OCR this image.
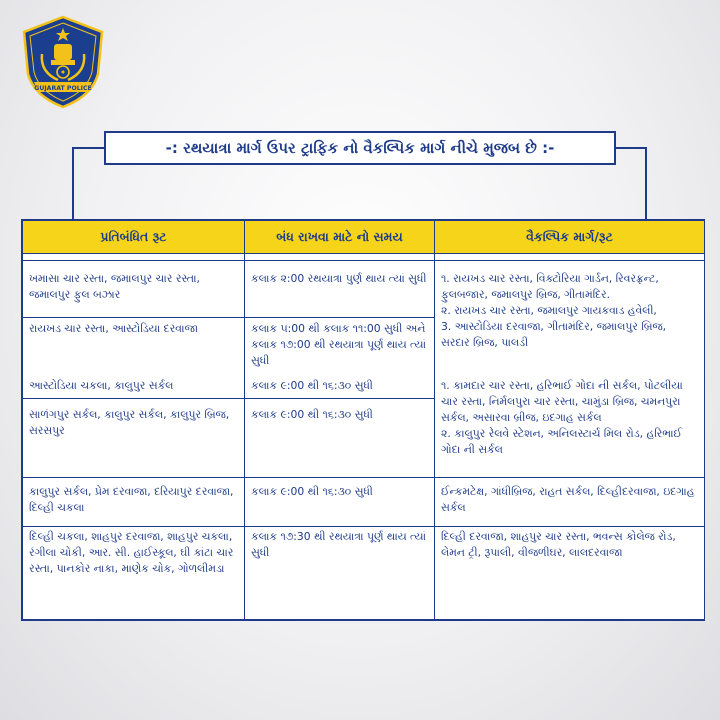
GUJARAT POLICE
-: રથયાત્રા માર્ગ ઉપર ટ્રાફિક નો વૈકલ્પિક માર્ગ નીચે મુજબ છે :-
પ્રતિબંધિત રૂટ	બંધ રાખવા માટે નો સમય	વૈકલ્પિક માર્ગ/રૂટ

ખમાસા ચાર રસ્તા, જમાલપુર ચાર રસ્તા, જમાલપુર ફુલ બઝાર	કલાક ૨:00 રથયાત્રા પુર્ણ થાય ત્યાં સુધી	૧. રાયખડ ચાર રસ્તા, વિક્ટોરિયા ગાર્ડન, રિવરફ્રન્ટ, ફુલબજાર, જમાલપુર બ્રિજ, ગીતામંદિર.
૨. રાયખડ ચાર રસ્તા, જમાલપુર ગાયકવાડ હવેલી,
3. આસ્ટોડિયા દરવાજા, ગીતામંદિર, જમાલપુર બ્રિજ, સરદાર બ્રિજ, પાલડી

રાયખડ ચાર રસ્તા, આસ્ટોડિયા દરવાજા	કલાક ૫:00 થી કલાક ૧૧:00 સુધી અને કલાક ૧૭:00 થી રથયાત્રા પૂર્ણ થાય ત્યાં સુધી	

આસ્ટોડિયા ચકલા, કાલુપુર સર્કલ	કલાક ૯:00 થી ૧૬:૩૦ સુધી	૧. કામદાર ચાર રસ્તા, હરિભાઈ ગોદા ની સર્કલ, પોટલીયા ચાર રસ્તા, નિર્મલપુરા ચાર રસ્તા, ચામુંડા બ્રિજ, ચમનપુરા સર્કલ, અસારવા બ્રીજ, ઇદગાહ સર્કલ
૨. કાલુપુર રેલવે સ્ટેશન, અનિલસ્ટાર્ચ મિલ રોડ, હરિભાઈ ગોદા ની સર્કલ

સાળંગપુર સર્કલ, કાલુપુર સર્કલ, કાલુપુર બ્રિજ, સરસપુર	કલાક ૯:00 થી ૧૬:૩૦ સુધી	

કાલુપુર સર્કલ, પ્રેમ દરવાજા, દરિયાપુર દરવાજા, દિલ્હી ચકલા	કલાક ૯:00 થી ૧૬:૩૦ સુધી	ઈન્કમટેક્ષ, ગાંધીબ્રિજ, રાહત સર્કલ, દિલ્હીદરવાજા, ઇદગાહ સર્કલ

દિલ્હી ચકલા, શાહપુર દરવાજા, શાહપુર ચકલા, રંગીલા ચોકી, આર. સી. હાઈસ્કૂલ, ઘી કાંટા ચાર રસ્તા, પાનકોર નાકા, માણેક ચોક, ગોળલીમડા	કલાક ૧૭:30 થી રથયાત્રા પૂર્ણ થાય ત્યાં સુધી	દિલ્હી દરવાજા, શાહપુર ચાર રસ્તા, ભવન્સ કોલેજ રોડ, લેમન ટ્રી, રૂપાલી, વીજળીઘર, લાલદરવાજા
